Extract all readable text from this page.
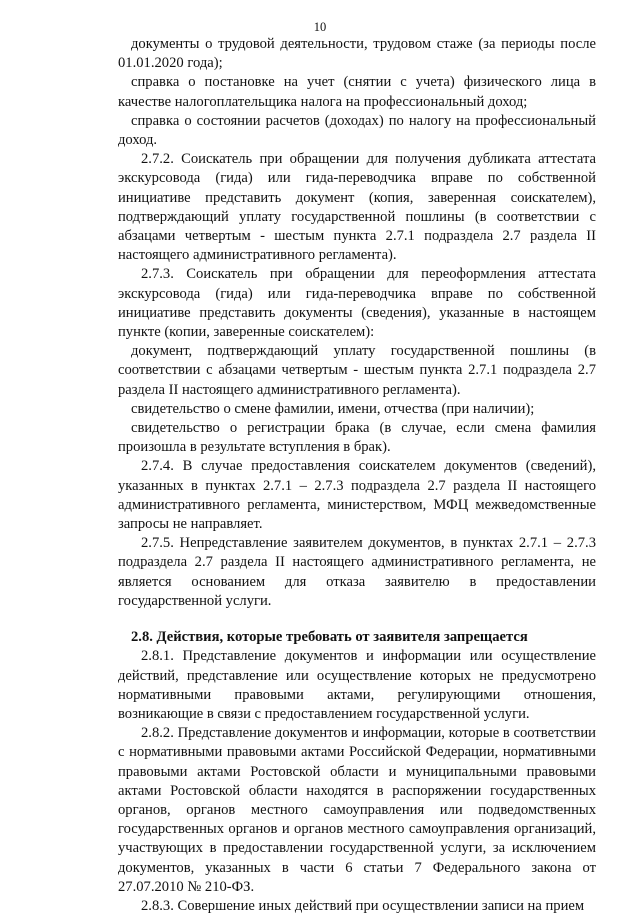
10

документы о трудовой деятельности, трудовом стаже (за периоды после 01.01.2020 года);

справка о постановке на учет (снятии с учета) физического лица в качестве налогоплательщика налога на профессиональный доход;

справка о состоянии расчетов (доходах) по налогу на профессиональный доход.

2.7.2. Соискатель при обращении для получения дубликата аттестата экскурсовода (гида) или гида-переводчика вправе по собственной инициативе представить документ (копия, заверенная соискателем), подтверждающий уплату государственной пошлины (в соответствии с абзацами четвертым - шестым пункта 2.7.1 подраздела 2.7 раздела II настоящего административного регламента).

2.7.3. Соискатель при обращении для переоформления аттестата экскурсовода (гида) или гида-переводчика вправе по собственной инициативе представить документы (сведения), указанные в настоящем пункте (копии, заверенные соискателем):

документ, подтверждающий уплату государственной пошлины (в соответствии с абзацами четвертым - шестым пункта 2.7.1 подраздела 2.7 раздела II настоящего административного регламента).

свидетельство о смене фамилии, имени, отчества (при наличии);

свидетельство о регистрации брака (в случае, если смена фамилия произошла в результате вступления в брак).

2.7.4. В случае предоставления соискателем документов (сведений), указанных в пунктах 2.7.1 – 2.7.3 подраздела 2.7 раздела II настоящего административного регламента, министерством, МФЦ межведомственные запросы не направляет.

2.7.5. Непредставление заявителем документов, в пунктах 2.7.1 – 2.7.3 подраздела 2.7 раздела II настоящего административного регламента, не является основанием для отказа заявителю в предоставлении государственной услуги.

2.8. Действия, которые требовать от заявителя запрещается

2.8.1. Представление документов и информации или осуществление действий, представление или осуществление которых не предусмотрено нормативными правовыми актами, регулирующими отношения, возникающие в связи с предоставлением государственной услуги.

2.8.2. Представление документов и информации, которые в соответствии с нормативными правовыми актами Российской Федерации, нормативными правовыми актами Ростовской области и муниципальными правовыми актами Ростовской области находятся в распоряжении государственных органов, органов местного самоуправления или подведомственных государственных органов и органов местного самоуправления организаций, участвующих в предоставлении государственной услуги, за исключением документов, указанных в части 6 статьи 7 Федерального закона от 27.07.2010 № 210-ФЗ.

2.8.3. Совершение иных действий при осуществлении записи на прием
